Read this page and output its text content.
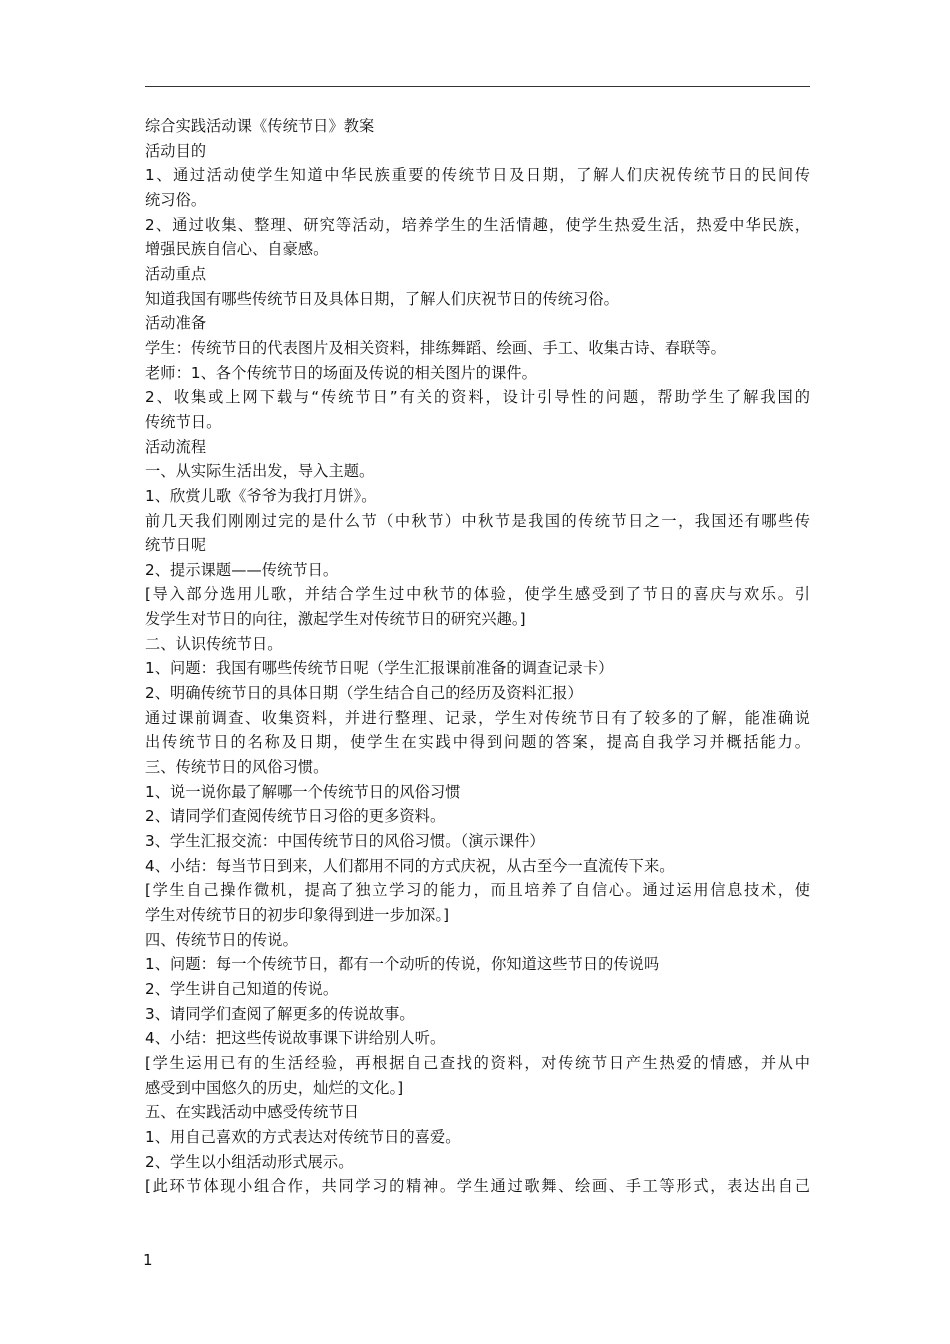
综合实践活动课《传统节日》教案
活动目的
1、通过活动使学生知道中华民族重要的传统节日及日期，了解人们庆祝传统节日的民间传
统习俗。
2、通过收集、整理、研究等活动，培养学生的生活情趣，使学生热爱生活，热爱中华民族，
增强民族自信心、自豪感。
活动重点
知道我国有哪些传统节日及具体日期，了解人们庆祝节日的传统习俗。
活动准备
学生：传统节日的代表图片及相关资料，排练舞蹈、绘画、手工、收集古诗、春联等。
老师：1、各个传统节日的场面及传说的相关图片的课件。
2、收集或上网下载与“传统节日”有关的资料，设计引导性的问题，帮助学生了解我国的
传统节日。
活动流程
一、从实际生活出发，导入主题。
1、欣赏儿歌《爷爷为我打月饼》。
前几天我们刚刚过完的是什么节（中秋节）中秋节是我国的传统节日之一，我国还有哪些传
统节日呢
2、提示课题——传统节日。
[导入部分选用儿歌，并结合学生过中秋节的体验，使学生感受到了节日的喜庆与欢乐。引
发学生对节日的向往，激起学生对传统节日的研究兴趣。]
二、认识传统节日。
1、问题：我国有哪些传统节日呢（学生汇报课前准备的调查记录卡）
2、明确传统节日的具体日期（学生结合自己的经历及资料汇报）
通过课前调查、收集资料，并进行整理、记录，学生对传统节日有了较多的了解，能准确说
出传统节日的名称及日期，使学生在实践中得到问题的答案，提高自我学习并概括能力。
三、传统节日的风俗习惯。
1、说一说你最了解哪一个传统节日的风俗习惯
2、请同学们查阅传统节日习俗的更多资料。
3、学生汇报交流：中国传统节日的风俗习惯。（演示课件）
4、小结：每当节日到来，人们都用不同的方式庆祝，从古至今一直流传下来。
[学生自己操作微机，提高了独立学习的能力，而且培养了自信心。通过运用信息技术，使
学生对传统节日的初步印象得到进一步加深。]
四、传统节日的传说。
1、问题：每一个传统节日，都有一个动听的传说，你知道这些节日的传说吗
2、学生讲自己知道的传说。
3、请同学们查阅了解更多的传说故事。
4、小结：把这些传说故事课下讲给别人听。
[学生运用已有的生活经验，再根据自己查找的资料，对传统节日产生热爱的情感，并从中
感受到中国悠久的历史，灿烂的文化。]
五、在实践活动中感受传统节日
1、用自己喜欢的方式表达对传统节日的喜爱。
2、学生以小组活动形式展示。
[此环节体现小组合作，共同学习的精神。学生通过歌舞、绘画、手工等形式，表达出自己
1
